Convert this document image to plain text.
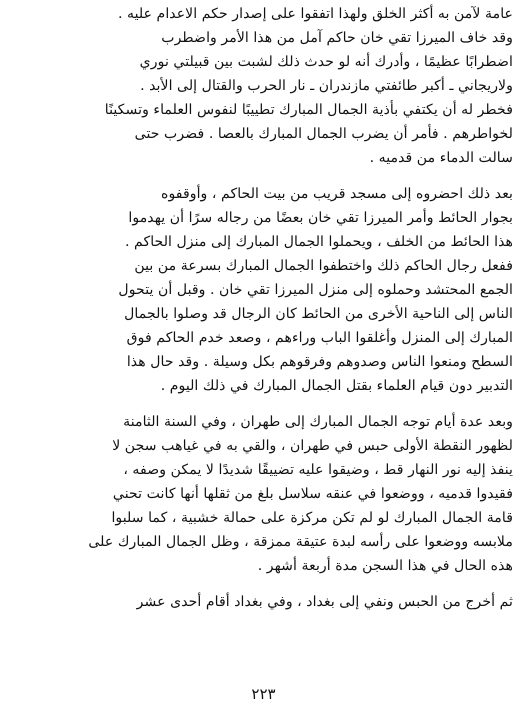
عامة لآمن به أكثر الخلق ولهذا اتفقوا على إصدار حكم الاعدام عليه .
وقد خاف الميرزا تقي خان حاكم آمل من هذا الأمر واضطرب
اضطرابًا عظيمًا ، وأدرك أنه لو حدث ذلك لشبت بين قبيلتي نوري
ولاريجاني ـ أكبر طائفتي مازندران ـ نار الحرب والقتال إلى الأبد .
فخطر له أن يكتفي بأذية الجمال المبارك تطييبًا لنفوس العلماء وتسكينًا
لخواطرهم . فأمر أن يضرب الجمال المبارك بالعصا . فضرب حتى
سالت الدماء من قدميه .
بعد ذلك احضروه إلى مسجد قريب من بيت الحاكم ، وأوقفوه
بجوار الحائط وأمر الميرزا تقي خان بعضًا من رجاله سرًا أن يهدموا
هذا الحائط من الخلف ، ويحملوا الجمال المبارك إلى منزل الحاكم .
ففعل رجال الحاكم ذلك واختطفوا الجمال المبارك بسرعة من بين
الجمع المحتشد وحملوه إلى منزل الميرزا تقي خان . وقبل أن يتحول
الناس إلى الناحية الأخرى من الحائط كان الرجال قد وصلوا بالجمال
المبارك إلى المنزل وأغلقوا الباب وراءهم ، وصعد خدم الحاكم فوق
السطح ومنعوا الناس وصدوهم وفرقوهم بكل وسيلة . وقد حال هذا
التدبير دون قيام العلماء بقتل الجمال المبارك في ذلك اليوم .
وبعد عدة أيام توجه الجمال المبارك إلى طهران ، وفي السنة الثامنة
لظهور النقطة الأولى حبس في طهران ، والقي به في غياهب سجن لا
ينفذ إليه نور النهار قط ، وضيقوا عليه تضييقًا شديدًا لا يمكن وصفه ،
فقيدوا قدميه ، ووضعوا في عنقه سلاسل بلغ من ثقلها أنها كانت تحني
قامة الجمال المبارك لو لم تكن مركزة على حمالة خشبية ، كما سلبوا
ملابسه ووضعوا على رأسه لبدة عتيقة ممزقة ، وظل الجمال المبارك على
هذه الحال في هذا السجن مدة أربعة أشهر .
ثم أخرج من الحبس ونفي إلى بغداد ، وفي بغداد أقام أحدى عشر
٢٢٣
